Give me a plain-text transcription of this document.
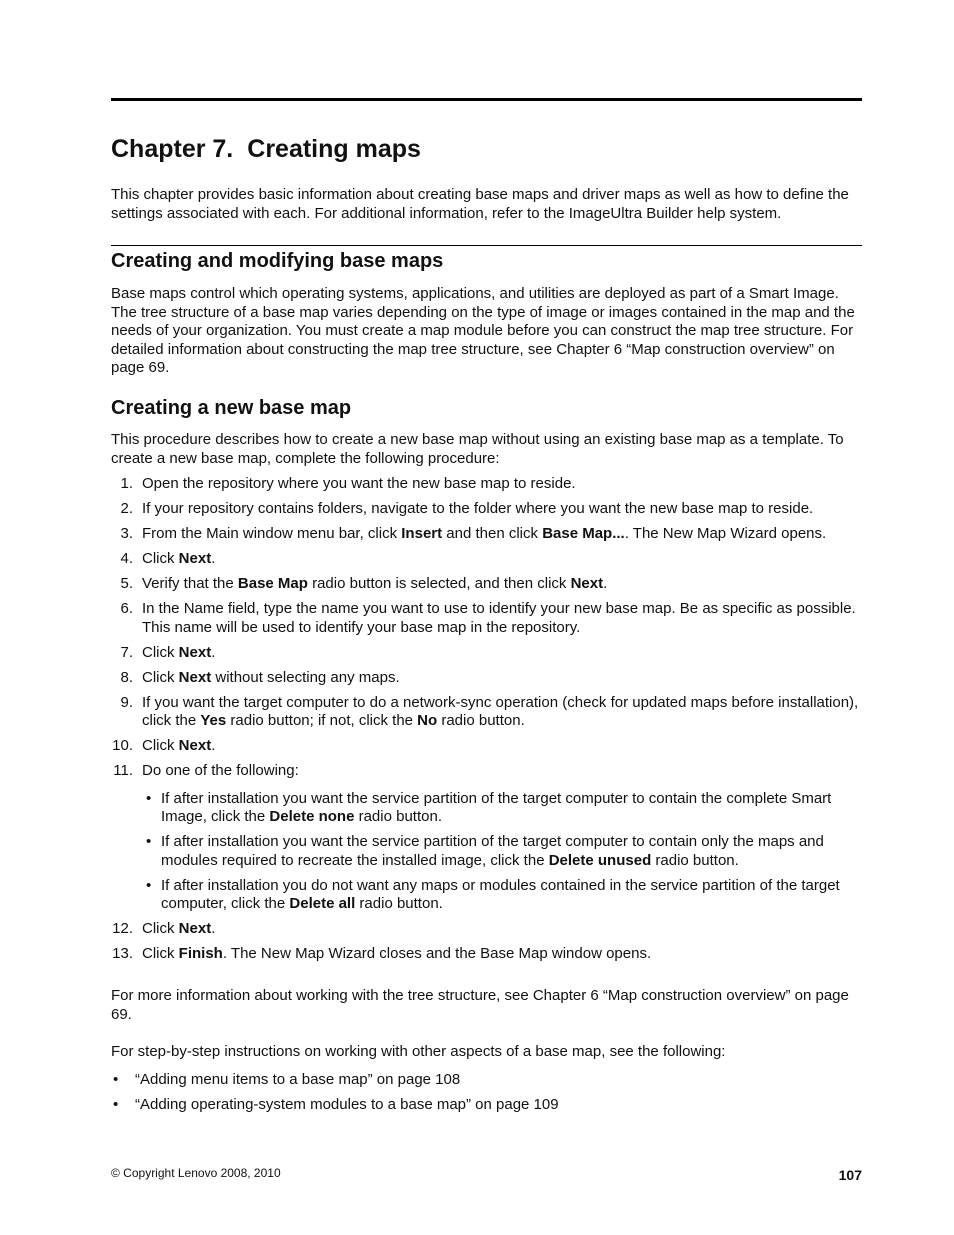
Chapter 7. Creating maps

This chapter provides basic information about creating base maps and driver maps as well as how to define the settings associated with each. For additional information, refer to the ImageUltra Builder help system.

Creating and modifying base maps

Base maps control which operating systems, applications, and utilities are deployed as part of a Smart Image. The tree structure of a base map varies depending on the type of image or images contained in the map and the needs of your organization. You must create a map module before you can construct the map tree structure. For detailed information about constructing the map tree structure, see Chapter 6 “Map construction overview” on page 69.

Creating a new base map

This procedure describes how to create a new base map without using an existing base map as a template. To create a new base map, complete the following procedure:

1. Open the repository where you want the new base map to reside.
2. If your repository contains folders, navigate to the folder where you want the new base map to reside.
3. From the Main window menu bar, click Insert and then click Base Map.... The New Map Wizard opens.
4. Click Next.
5. Verify that the Base Map radio button is selected, and then click Next.
6. In the Name field, type the name you want to use to identify your new base map. Be as specific as possible. This name will be used to identify your base map in the repository.
7. Click Next.
8. Click Next without selecting any maps.
9. If you want the target computer to do a network-sync operation (check for updated maps before installation), click the Yes radio button; if not, click the No radio button.
10. Click Next.
11. Do one of the following:
• If after installation you want the service partition of the target computer to contain the complete Smart Image, click the Delete none radio button.
• If after installation you want the service partition of the target computer to contain only the maps and modules required to recreate the installed image, click the Delete unused radio button.
• If after installation you do not want any maps or modules contained in the service partition of the target computer, click the Delete all radio button.
12. Click Next.
13. Click Finish. The New Map Wizard closes and the Base Map window opens.

For more information about working with the tree structure, see Chapter 6 “Map construction overview” on page 69.

For step-by-step instructions on working with other aspects of a base map, see the following:

• “Adding menu items to a base map” on page 108
• “Adding operating-system modules to a base map” on page 109
© Copyright Lenovo 2008, 2010	107
